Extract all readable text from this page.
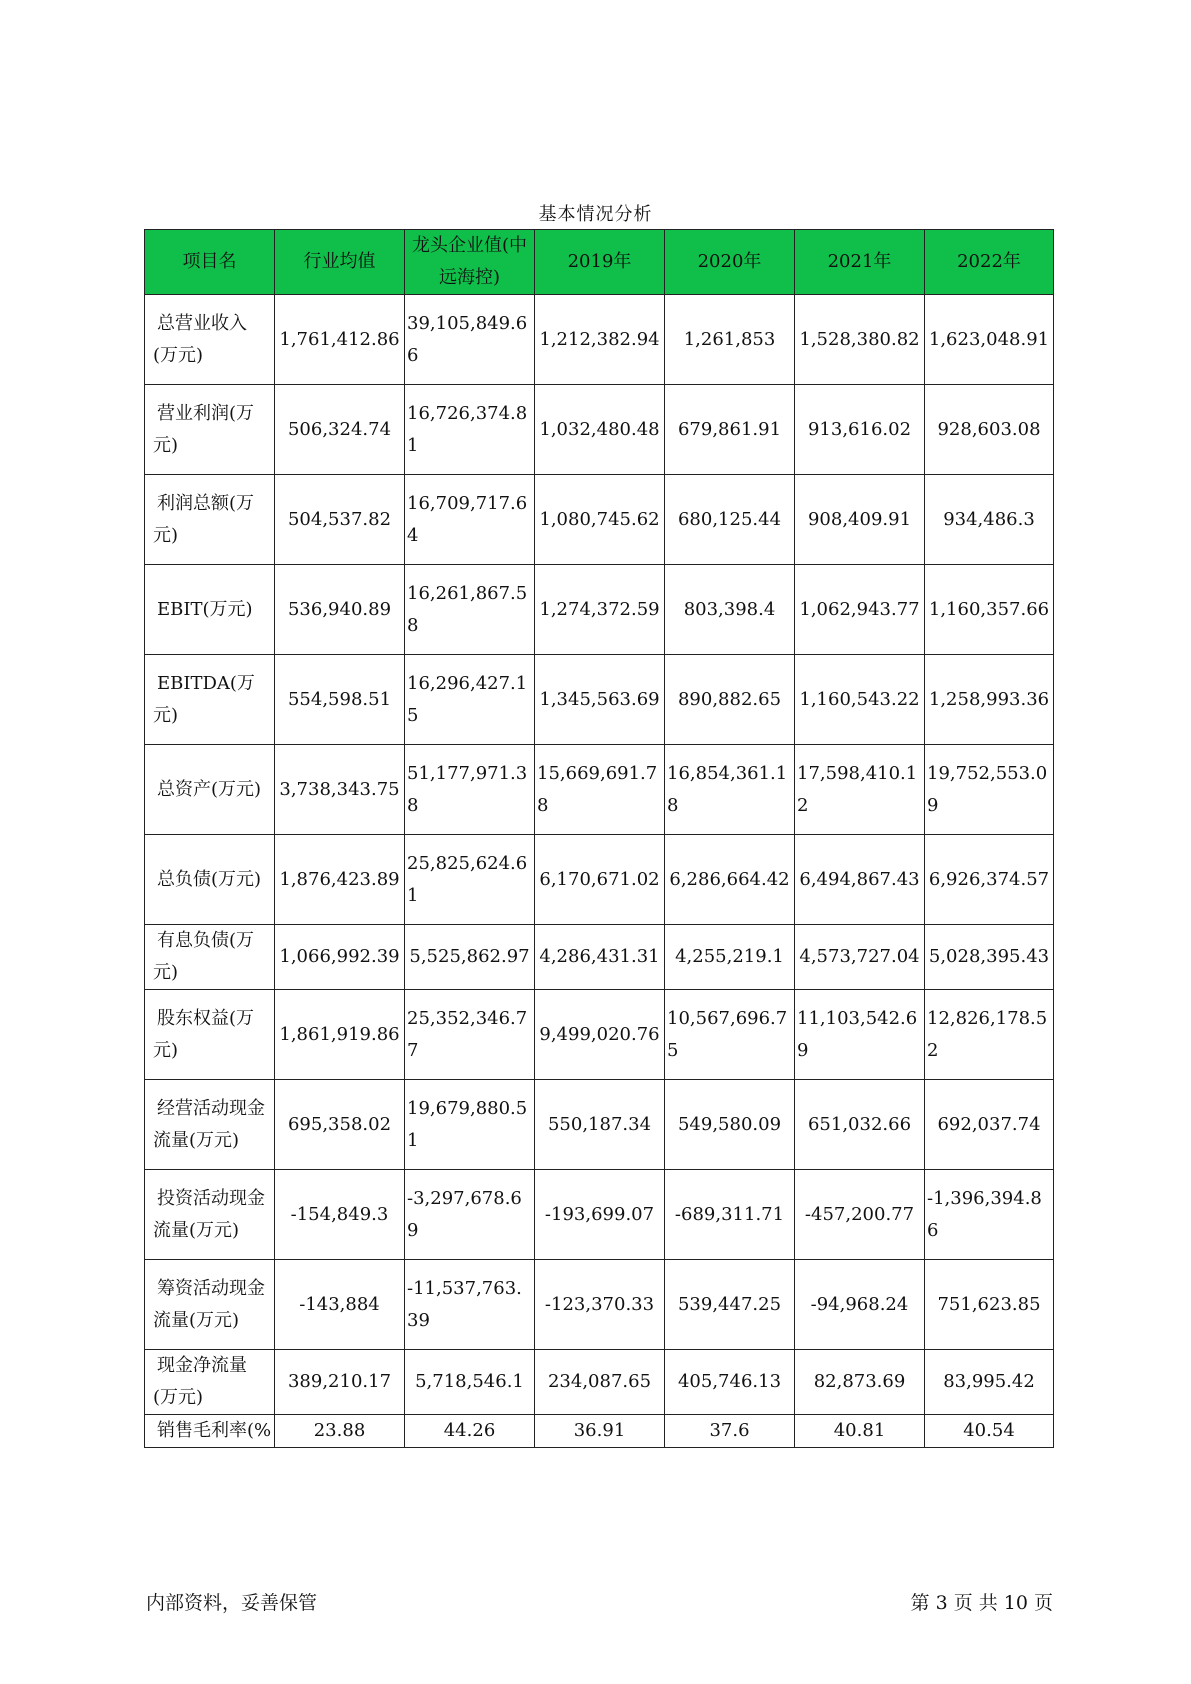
基本情况分析
项目名	行业均值	龙头企业值(中远海控)	2019年	2020年	2021年	2022年
总营业收入(万元)	1,761,412.86	39,105,849.66	1,212,382.94	1,261,853	1,528,380.82	1,623,048.91
营业利润(万元)	506,324.74	16,726,374.81	1,032,480.48	679,861.91	913,616.02	928,603.08
利润总额(万元)	504,537.82	16,709,717.64	1,080,745.62	680,125.44	908,409.91	934,486.3
EBIT(万元)	536,940.89	16,261,867.58	1,274,372.59	803,398.4	1,062,943.77	1,160,357.66
EBITDA(万元)	554,598.51	16,296,427.15	1,345,563.69	890,882.65	1,160,543.22	1,258,993.36
总资产(万元)	3,738,343.75	51,177,971.38	15,669,691.78	16,854,361.18	17,598,410.12	19,752,553.09
总负债(万元)	1,876,423.89	25,825,624.61	6,170,671.02	6,286,664.42	6,494,867.43	6,926,374.57
有息负债(万元)	1,066,992.39	5,525,862.97	4,286,431.31	4,255,219.1	4,573,727.04	5,028,395.43
股东权益(万元)	1,861,919.86	25,352,346.77	9,499,020.76	10,567,696.75	11,103,542.69	12,826,178.52
经营活动现金流量(万元)	695,358.02	19,679,880.51	550,187.34	549,580.09	651,032.66	692,037.74
投资活动现金流量(万元)	-154,849.3	-3,297,678.69	-193,699.07	-689,311.71	-457,200.77	-1,396,394.86
筹资活动现金流量(万元)	-143,884	-11,537,763.39	-123,370.33	539,447.25	-94,968.24	751,623.85
现金净流量(万元)	389,210.17	5,718,546.1	234,087.65	405,746.13	82,873.69	83,995.42
销售毛利率(%	23.88	44.26	36.91	37.6	40.81	40.54
内部资料，妥善保管	第 3 页 共 10 页
